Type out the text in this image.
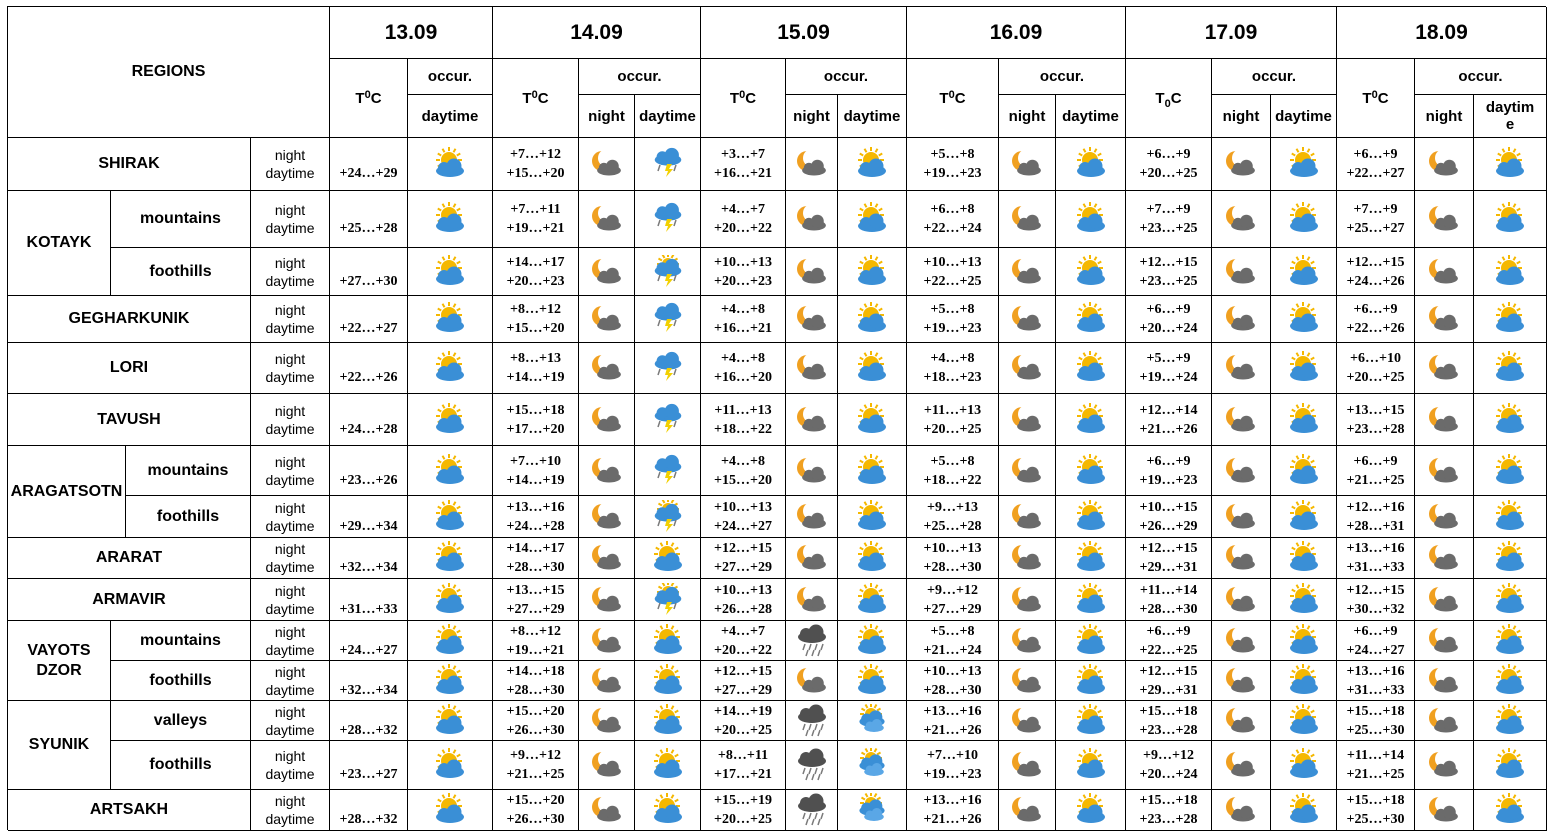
REGIONS
13.09
$T^0C$
occur.
daytime
14.09
$T^0C$
occur.
night daytime
15.09
$T^0C$
occur.
night daytime
16.09
$T^0C$
occur.
night daytime
17.09
$T_0C$
occur.
night daytime
18.09
$T^0C$
occur.
night daytim
e
SHIRAK
KOTAYK
mountains
foothills
GEGHARKUNIK
LORI
TAVUSH
ARAGATSOTN
mountains
foothills
ARARAT
ARMAVIR
VAYOTS
DZOR
mountains
foothills
SYUNIK
valleys
foothills
ARTSAKH
night
daytime
+24…+29
+7…+12
+15…+20
+3…+7
+16…+21
+5…+8
+19…+23
+6…+9
+20…+25
+6…+9
+22…+27
night
daytime
+25…+28
+7…+11
+19…+21
+4…+7
+20…+22
+6…+8
+22…+24
+7…+9
+23…+25
+7…+9
+25…+27
night
daytime
+27…+30
+14…+17
+20…+23
+10…+13
+20…+23
+10…+13
+22…+25
+12…+15
+23…+25
+12…+15
+24…+26
night
daytime
+22…+27
+8…+12
+15…+20
+4…+8
+16…+21
+5…+8
+19…+23
+6…+9
+20…+24
+6…+9
+22…+26
night
daytime
+22…+26
+8…+13
+14…+19
+4…+8
+16…+20
+4…+8
+18…+23
+5…+9
+19…+24
+6…+10
+20…+25
night
daytime
+24…+28
+15…+18
+17…+20
+11…+13
+18…+22
+11…+13
+20…+25
+12…+14
+21…+26
+13…+15
+23…+28
night
daytime
+23…+26
+7…+10
+14…+19
+4…+8
+15…+20
+5…+8
+18…+22
+6…+9
+19…+23
+6…+9
+21…+25
night
daytime
+29…+34
+13…+16
+24…+28
+10…+13
+24…+27
+9…+13
+25…+28
+10…+15
+26…+29
+12…+16
+28…+31
night
daytime
+32…+34
+14…+17
+28…+30
+12…+15
+27…+29
+10…+13
+28…+30
+12…+15
+29…+31
+13…+16
+31…+33
night
daytime
+31…+33
+13…+15
+27…+29
+10…+13
+26…+28
+9…+12
+27…+29
+11…+14
+28…+30
+12…+15
+30…+32
night
daytime
+24…+27
+8…+12
+19…+21
+4…+7
+20…+22
+5…+8
+21…+24
+6…+9
+22…+25
+6…+9
+24…+27
night
daytime
+32…+34
+14…+18
+28…+30
+12…+15
+27…+29
+10…+13
+28…+30
+12…+15
+29…+31
+13…+16
+31…+33
night
daytime
+28…+32
+15…+20
+26…+30
+14…+19
+20…+25
+13…+16
+21…+26
+15…+18
+23…+28
+15…+18
+25…+30
night
daytime
+23…+27
+9…+12
+21…+25
+8…+11
+17…+21
+7…+10
+19…+23
+9…+12
+20…+24
+11…+14
+21…+25
night
daytime
+28…+32
+15…+20
+26…+30
+15…+19
+20…+25
+13…+16
+21…+26
+15…+18
+23…+28
+15…+18
+25…+30
